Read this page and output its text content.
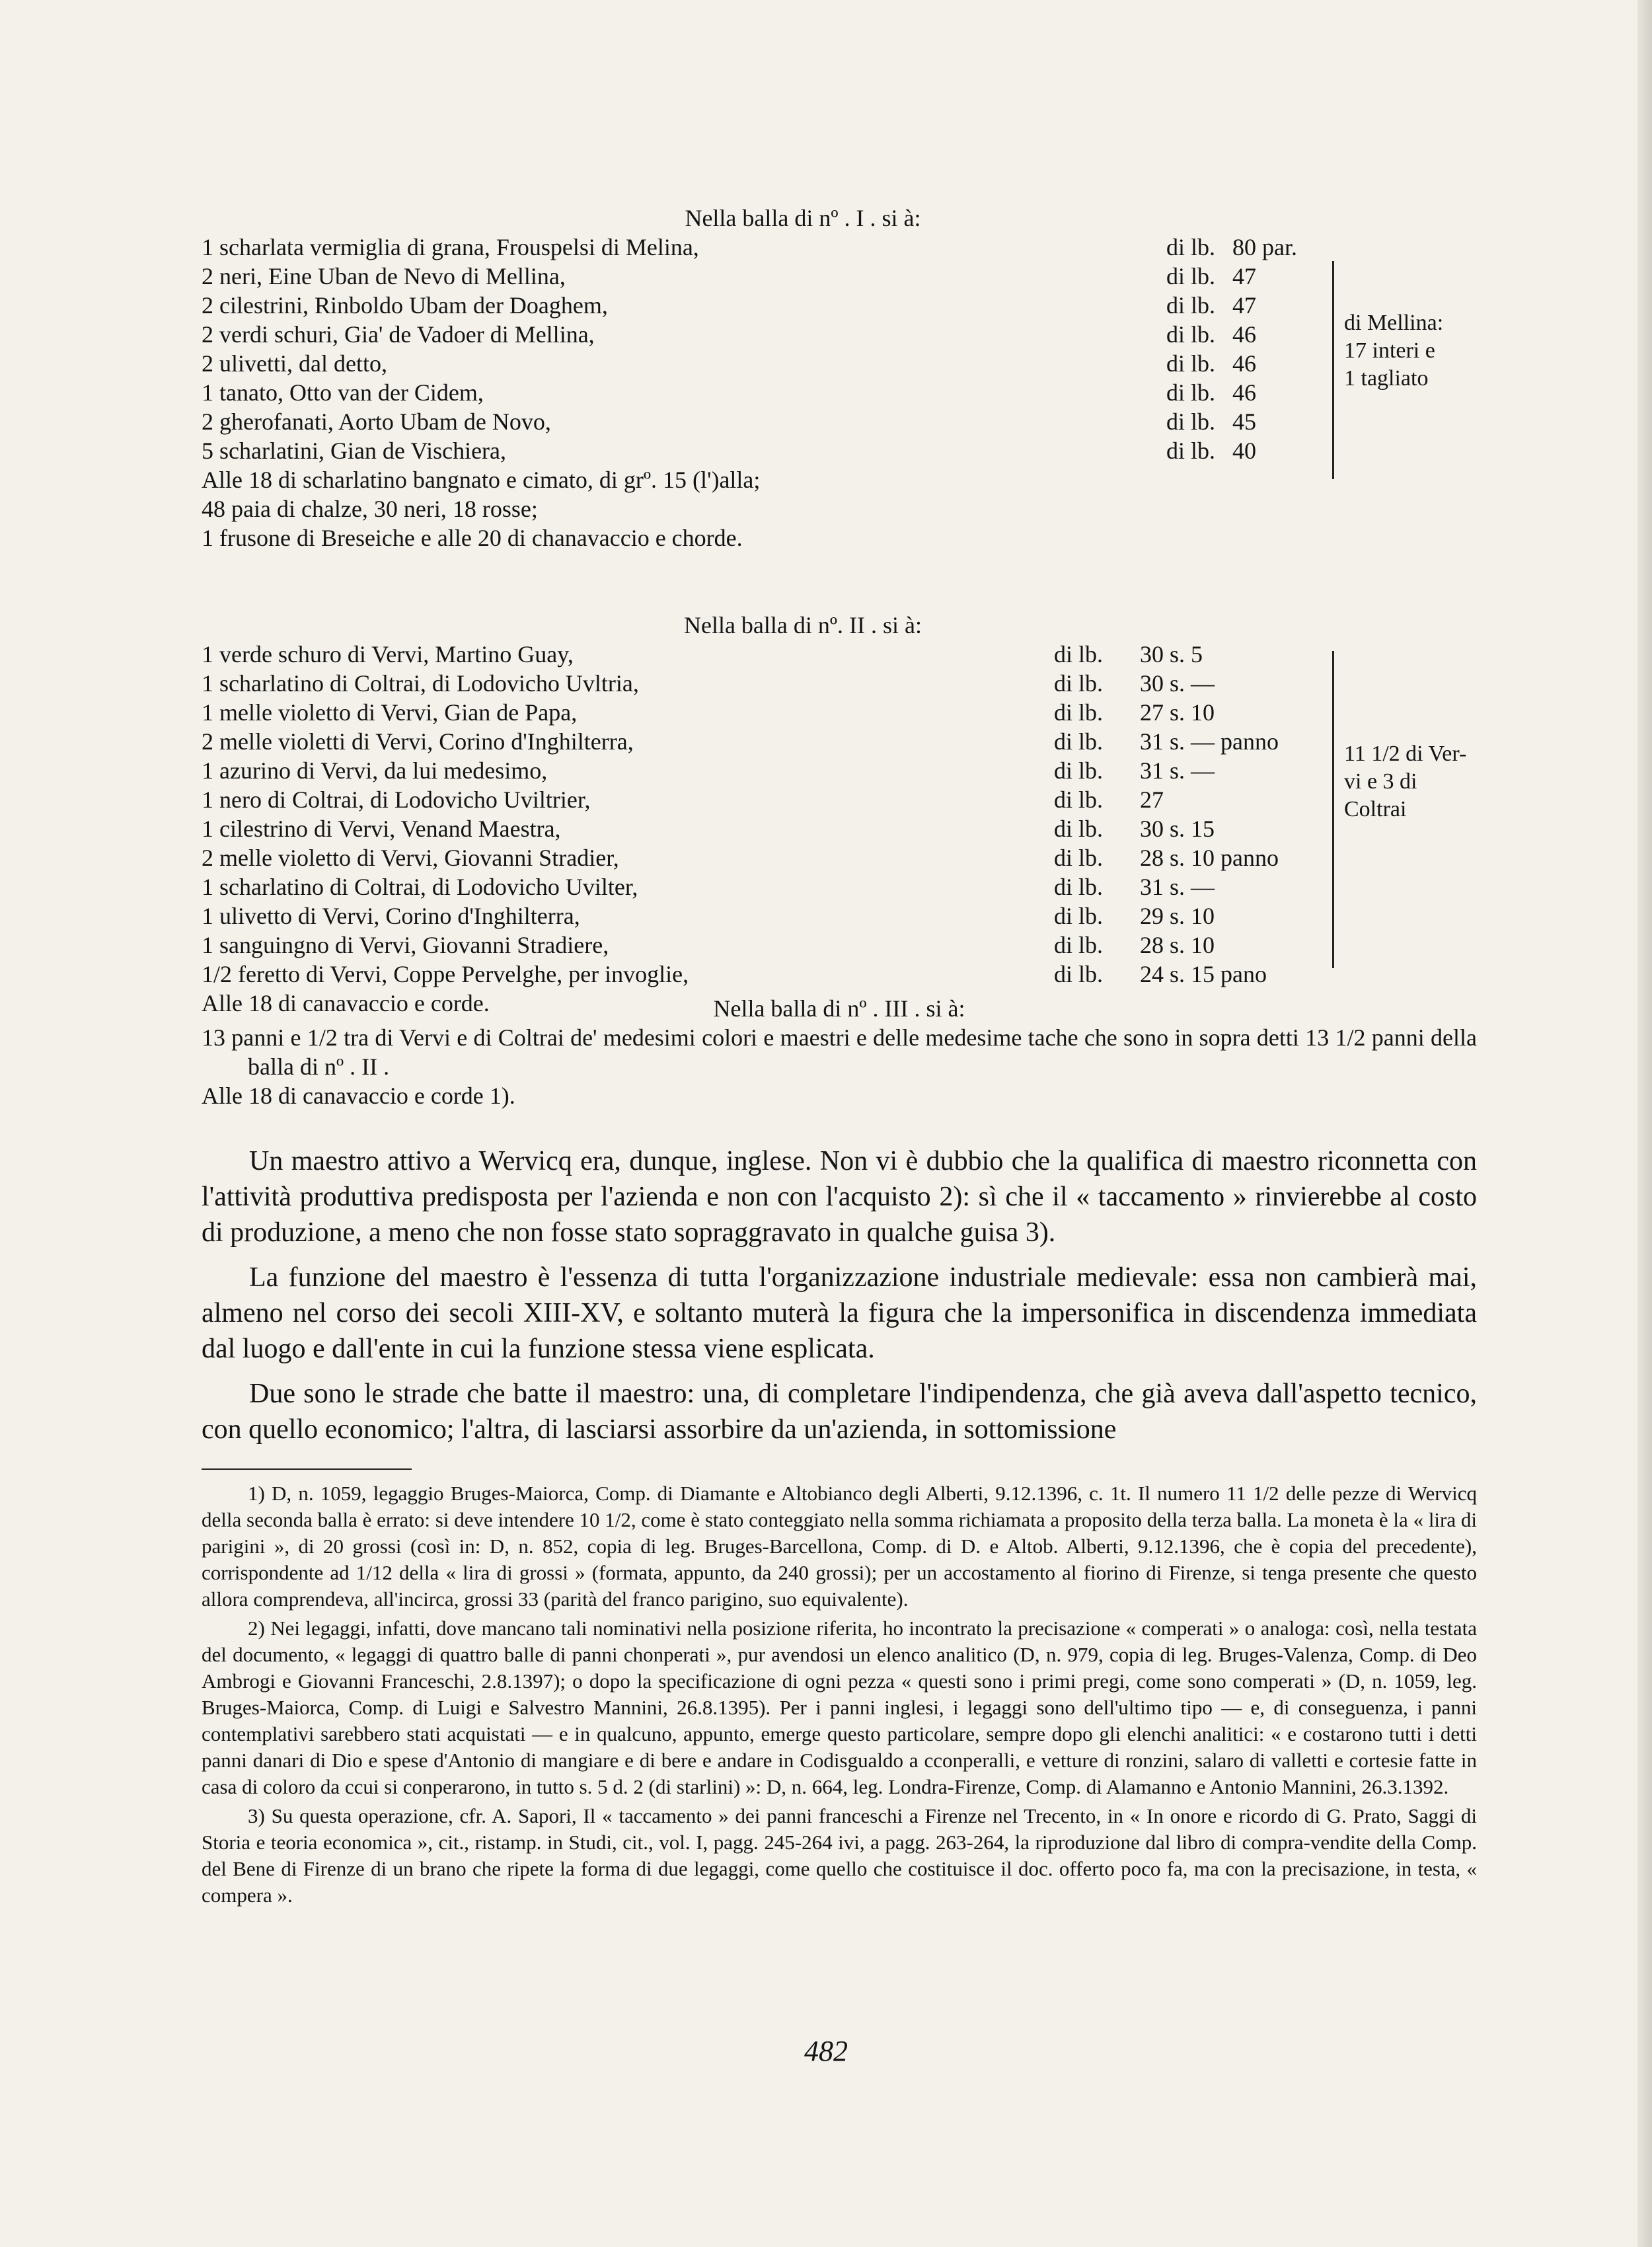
Nella balla di nº . I . si à:
1 scharlata vermiglia di grana, Frouspelsi di Melina,	di lb. 80 par.
2 neri, Eine Uban de Nevo di Mellina,	di lb. 47
2 cilestrini, Rinboldo Ubam der Doaghem,	di lb. 47
2 verdi schuri, Gia' de Vadoer di Mellina,	di lb. 46
2 ulivetti, dal detto,	di lb. 46
1 tanato, Otto van der Cidem,	di lb. 46
2 gherofanati, Aorto Ubam de Novo,	di lb. 45
5 scharlatini, Gian de Vischiera,	di lb. 40
Alle 18 di scharlatino bangnato e cimato, di grº. 15 (l')alla;
48 paia di chalze, 30 neri, 18 rosse;
1 frusone di Breseiche e alle 20 di chanavaccio e chorde.
di Mellina:
17 interi e
1 tagliato
Nella balla di nº. II . si à:
1 verde schuro di Vervi, Martino Guay,	di lb. 30 s. 5
1 scharlatino di Coltrai, di Lodovicho Uvltria,	di lb. 30 s. —
1 melle violetto di Vervi, Gian de Papa,	di lb. 27 s. 10
2 melle violetti di Vervi, Corino d'Inghilterra,	di lb. 31 s. — panno
1 azurino di Vervi, da lui medesimo,	di lb. 31 s. —
1 nero di Coltrai, di Lodovicho Uviltrier,	di lb. 27
1 cilestrino di Vervi, Venand Maestra,	di lb. 30 s. 15
2 melle violetto di Vervi, Giovanni Stradier,	di lb. 28 s. 10 panno
1 scharlatino di Coltrai, di Lodovicho Uvilter,	di lb. 31 s. —
1 ulivetto di Vervi, Corino d'Inghilterra,	di lb. 29 s. 10
1 sanguingno di Vervi, Giovanni Stradiere,	di lb. 28 s. 10
1/2 feretto di Vervi, Coppe Pervelghe, per invoglie,	di lb. 24 s. 15 pano
Alle 18 di canavaccio e corde.
11 1/2 di Ver-
vi e 3 di
Coltrai
Nella balla di nº . III . si à:
13 panni e 1/2 tra di Vervi e di Coltrai de' medesimi colori e maestri e delle medesime tache che sono in sopra detti 13 1/2 panni della balla di nº . II .
Alle 18 di canavaccio e corde 1).

Un maestro attivo a Wervicq era, dunque, inglese. Non vi è dubbio che la qualifica di maestro riconnetta con l'attività produttiva predisposta per l'azienda e non con l'acquisto 2): sì che il « taccamento » rinvierebbe al costo di produzione, a meno che non fosse stato sopraggravato in qualche guisa 3).

La funzione del maestro è l'essenza di tutta l'organizzazione industriale medievale: essa non cambierà mai, almeno nel corso dei secoli XIII-XV, e soltanto muterà la figura che la impersonifica in discendenza immediata dal luogo e dall'ente in cui la funzione stessa viene esplicata.

Due sono le strade che batte il maestro: una, di completare l'indipendenza, che già aveva dall'aspetto tecnico, con quello economico; l'altra, di lasciarsi assorbire da un'azienda, in sottomissione

1) D, n. 1059, legaggio Bruges-Maiorca, Comp. di Diamante e Altobianco degli Alberti, 9.12.1396, c. 1t. Il numero 11 1/2 delle pezze di Wervicq della seconda balla è errato: si deve intendere 10 1/2, come è stato conteggiato nella somma richiamata a proposito della terza balla. La moneta è la « lira di parigini », di 20 grossi (così in: D, n. 852, copia di leg. Bruges-Barcellona, Comp. di D. e Altob. Alberti, 9.12.1396, che è copia del precedente), corrispondente ad 1/12 della « lira di grossi » (formata, appunto, da 240 grossi); per un accostamento al fiorino di Firenze, si tenga presente che questo allora comprendeva, all'incirca, grossi 33 (parità del franco parigino, suo equivalente).

2) Nei legaggi, infatti, dove mancano tali nominativi nella posizione riferita, ho incontrato la precisazione « comperati » o analoga: così, nella testata del documento, « legaggi di quattro balle di panni chonperati », pur avendosi un elenco analitico (D, n. 979, copia di leg. Bruges-Valenza, Comp. di Deo Ambrogi e Giovanni Franceschi, 2.8.1397); o dopo la specificazione di ogni pezza « questi sono i primi pregi, come sono comperati » (D, n. 1059, leg. Bruges-Maiorca, Comp. di Luigi e Salvestro Mannini, 26.8.1395). Per i panni inglesi, i legaggi sono dell'ultimo tipo — e, di conseguenza, i panni contemplativi sarebbero stati acquistati — e in qualcuno, appunto, emerge questo particolare, sempre dopo gli elenchi analitici: « e costarono tutti i detti panni danari di Dio e spese d'Antonio di mangiare e di bere e andare in Codisgualdo a cconperalli, e vetture di ronzini, salaro di valletti e cortesie fatte in casa di coloro da ccui si conperarono, in tutto s. 5 d. 2 (di starlini) »: D, n. 664, leg. Londra-Firenze, Comp. di Alamanno e Antonio Mannini, 26.3.1392.

3) Su questa operazione, cfr. A. Sapori, Il « taccamento » dei panni franceschi a Firenze nel Trecento, in « In onore e ricordo di G. Prato, Saggi di Storia e teoria economica », cit., ristamp. in Studi, cit., vol. I, pagg. 245-264 ivi, a pagg. 263-264, la riproduzione dal libro di compra-vendite della Comp. del Bene di Firenze di un brano che ripete la forma di due legaggi, come quello che costituisce il doc. offerto poco fa, ma con la precisazione, in testa, « compera ».

482
